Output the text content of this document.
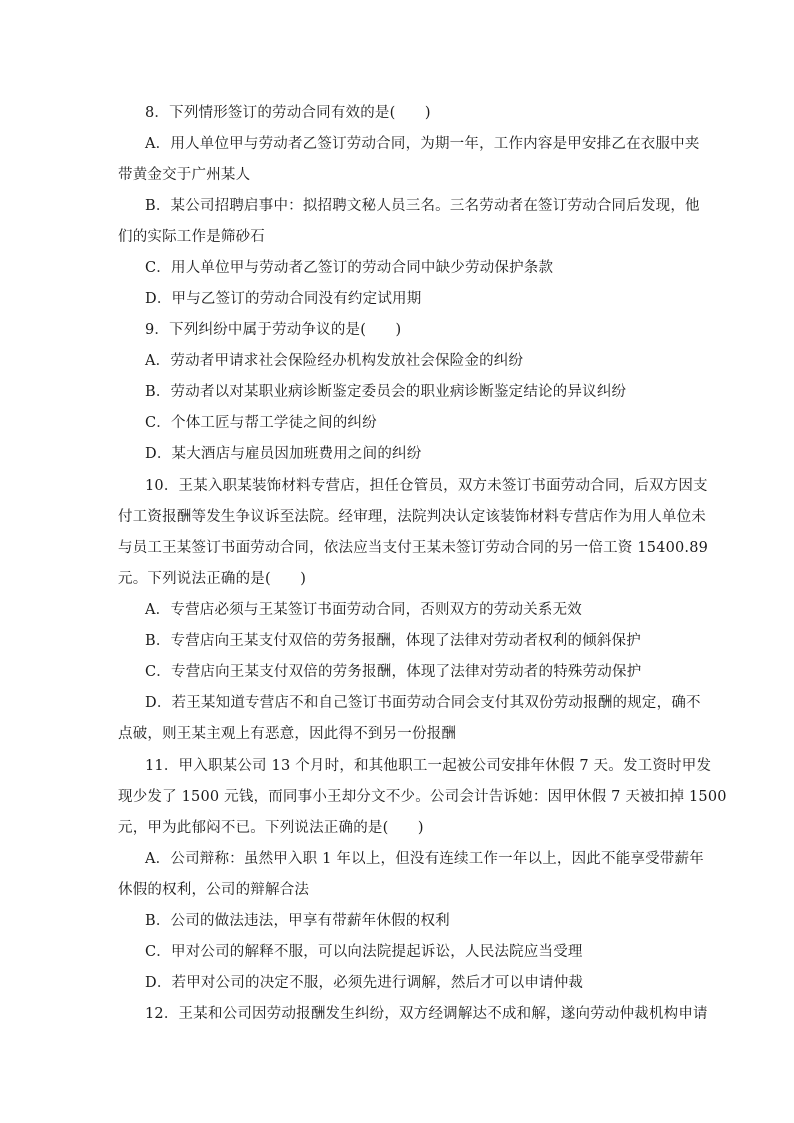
8．下列情形签订的劳动合同有效的是(　　)
A．用人单位甲与劳动者乙签订劳动合同，为期一年，工作内容是甲安排乙在衣服中夹
带黄金交于广州某人
B．某公司招聘启事中：拟招聘文秘人员三名。三名劳动者在签订劳动合同后发现，他
们的实际工作是筛砂石
C．用人单位甲与劳动者乙签订的劳动合同中缺少劳动保护条款
D．甲与乙签订的劳动合同没有约定试用期
9．下列纠纷中属于劳动争议的是(　　)
A．劳动者甲请求社会保险经办机构发放社会保险金的纠纷
B．劳动者以对某职业病诊断鉴定委员会的职业病诊断鉴定结论的异议纠纷
C．个体工匠与帮工学徒之间的纠纷
D．某大酒店与雇员因加班费用之间的纠纷
10．王某入职某装饰材料专营店，担任仓管员，双方未签订书面劳动合同，后双方因支
付工资报酬等发生争议诉至法院。经审理，法院判决认定该装饰材料专营店作为用人单位未
与员工王某签订书面劳动合同，依法应当支付王某未签订劳动合同的另一倍工资 15400.89
元。下列说法正确的是(　　)
A．专营店必须与王某签订书面劳动合同，否则双方的劳动关系无效
B．专营店向王某支付双倍的劳务报酬，体现了法律对劳动者权利的倾斜保护
C．专营店向王某支付双倍的劳务报酬，体现了法律对劳动者的特殊劳动保护
D．若王某知道专营店不和自己签订书面劳动合同会支付其双份劳动报酬的规定，确不
点破，则王某主观上有恶意，因此得不到另一份报酬
11．甲入职某公司 13 个月时，和其他职工一起被公司安排年休假 7 天。发工资时甲发
现少发了 1500 元钱，而同事小王却分文不少。公司会计告诉她：因甲休假 7 天被扣掉 1500
元，甲为此郁闷不已。下列说法正确的是(　　)
A．公司辩称：虽然甲入职 1 年以上，但没有连续工作一年以上，因此不能享受带薪年
休假的权利，公司的辩解合法
B．公司的做法违法，甲享有带薪年休假的权利
C．甲对公司的解释不服，可以向法院提起诉讼，人民法院应当受理
D．若甲对公司的决定不服，必须先进行调解，然后才可以申请仲裁
12．王某和公司因劳动报酬发生纠纷，双方经调解达不成和解，遂向劳动仲裁机构申请
